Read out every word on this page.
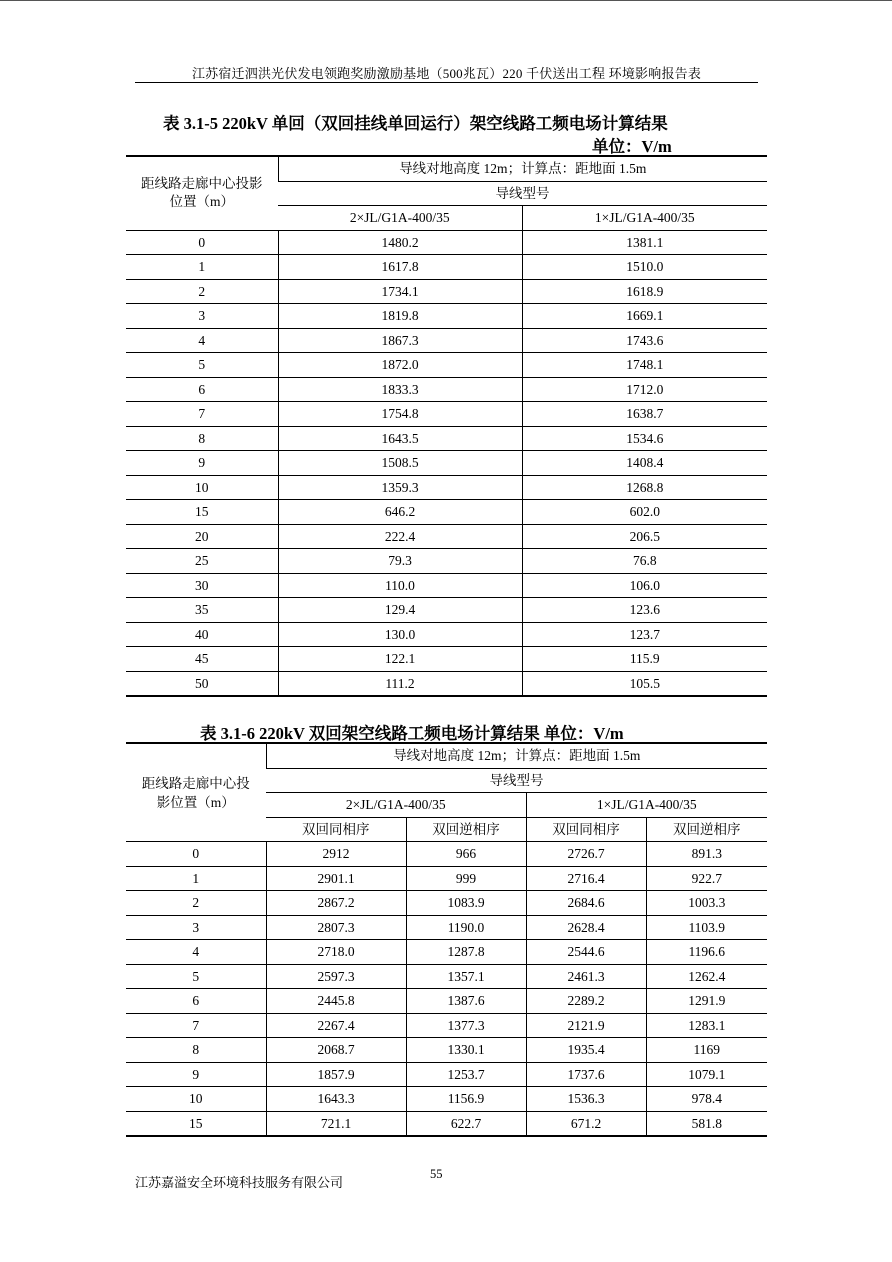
江苏宿迁泗洪光伏发电领跑奖励激励基地（500兆瓦）220 千伏送出工程 环境影响报告表
表 3.1-5 220kV 单回（双回挂线单回运行）架空线路工频电场计算结果
单位：V/m
距线路走廊中心投影位置（m）	导线对地高度 12m；计算点：距地面 1.5m	
	导线型号	
	2×JL/G1A-400/35	1×JL/G1A-400/35
0	1480.2	1381.1
1	1617.8	1510.0
2	1734.1	1618.9
3	1819.8	1669.1
4	1867.3	1743.6
5	1872.0	1748.1
6	1833.3	1712.0
7	1754.8	1638.7
8	1643.5	1534.6
9	1508.5	1408.4
10	1359.3	1268.8
15	646.2	602.0
20	222.4	206.5
25	79.3	76.8
30	110.0	106.0
35	129.4	123.6
40	130.0	123.7
45	122.1	115.9
50	111.2	105.5
表 3.1-6 220kV 双回架空线路工频电场计算结果 单位：V/m
距线路走廊中心投影位置（m）	导线对地高度 12m；计算点：距地面 1.5m			
	导线型号			
	2×JL/G1A-400/35		1×JL/G1A-400/35	
	双回同相序	双回逆相序	双回同相序	双回逆相序
0	2912	966	2726.7	891.3
1	2901.1	999	2716.4	922.7
2	2867.2	1083.9	2684.6	1003.3
3	2807.3	1190.0	2628.4	1103.9
4	2718.0	1287.8	2544.6	1196.6
5	2597.3	1357.1	2461.3	1262.4
6	2445.8	1387.6	2289.2	1291.9
7	2267.4	1377.3	2121.9	1283.1
8	2068.7	1330.1	1935.4	1169
9	1857.9	1253.7	1737.6	1079.1
10	1643.3	1156.9	1536.3	978.4
15	721.1	622.7	671.2	581.8
江苏嘉溢安全环境科技服务有限公司
55
